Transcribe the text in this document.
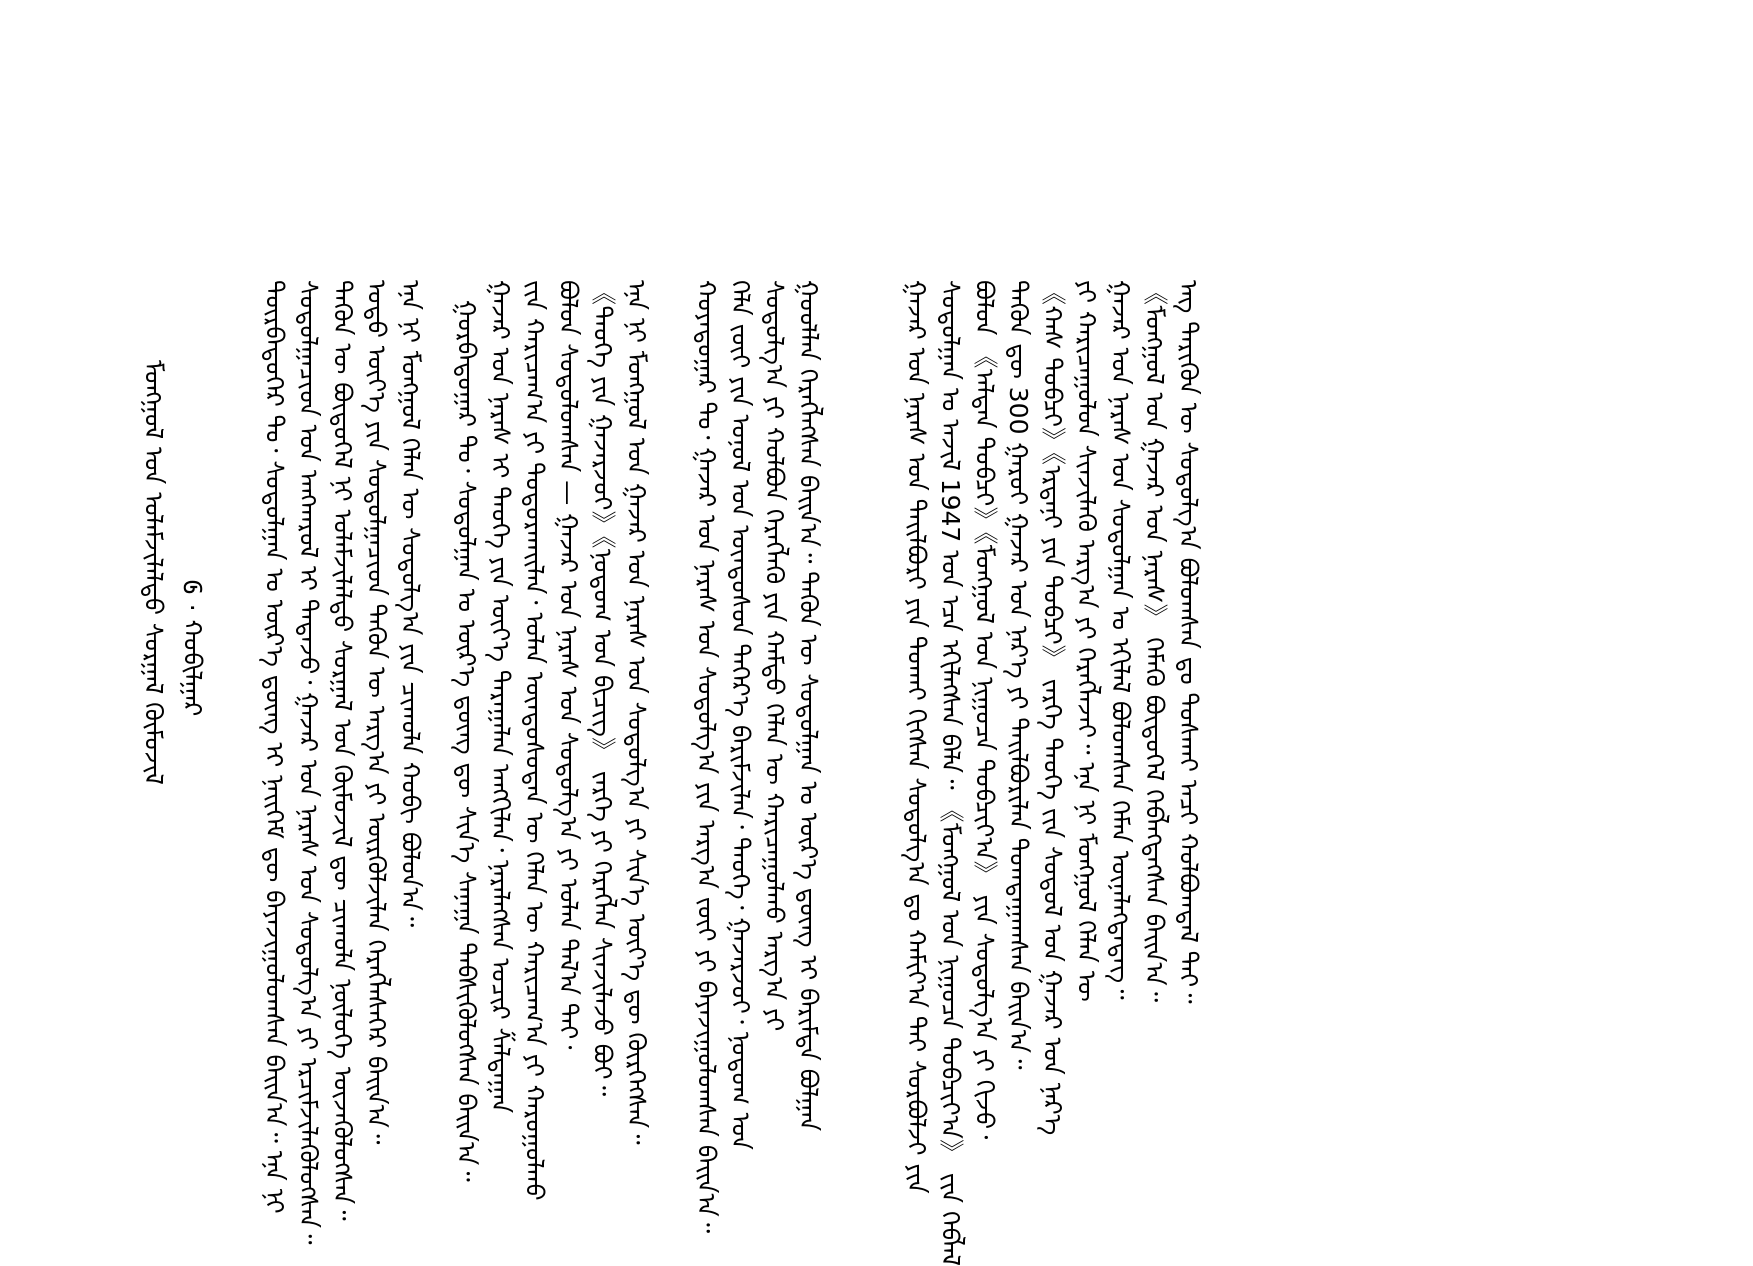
ᠮᠣᠩᠭᠣᠯ ᠤᠨ ᠤᠯᠠᠮᠵᠢᠯᠠᠯᠲᠤ ᠰᠤᠷᠭᠠᠯ ᠬᠦᠮᠦᠵᠢᠯ ᠖ · ᠬᠤᠪᠢᠯᠭᠠᠷ ᠳᠥᠷᠪᠡᠳᠦᠭᠡᠷ ᠲᠤ᠂ ᠰᠤᠳᠤᠯᠭᠠᠨ ᠤ ᠦᠷ᠎ᠡ ᠳ᠋ᠦᠩ ᠢ ᠨᠡᠢᠭᠡᠮ ᠳᠦ ᠪᠠᠶᠠᠵᠢᠭᠤᠯᠤᠭᠰᠠᠨ ᠪᠠᠢᠨ᠎ᠠ᠃ ᠡᠨᠡ ᠨᠢ ᠰᠤᠳᠤᠯᠭᠠᠴᠢᠳ ᠤᠨ ᠠᠩᠬᠠᠷᠤᠯ ᠢ ᠲᠠᠲᠠᠵᠤ᠂ ᠭᠠᠵᠠᠷ ᠤᠨ ᠨᠡᠷᠡᠰ ᠤᠨ ᠰᠤᠳᠤᠯᠭ᠎ᠠ ᠶᠢ ᠡᠷᠴᠢᠮᠵᠢᠯᠡᠭᠦᠯᠦᠭᠰᠡᠨ᠃ ᠲᠡᠭᠦᠨ ᠦ ᠪᠦᠲᠦᠭᠡᠯ ᠨᠢ ᠤᠯᠠᠮᠵᠢᠯᠠᠯᠲᠤ ᠰᠤᠷᠭᠠᠯ ᠤᠨ ᠬᠦᠮᠦᠵᠢᠯ ᠳᠦ ᠴᠢᠬᠤᠯᠠ ᠨᠥᠯᠦᠭᠡ ᠦᠵᠡᠭᠦᠯᠦᠭᠰᠡᠨ᠃ ᠣᠳᠣ ᠦᠶ᠎ᠡ ᠶᠢᠨ ᠰᠤᠳᠤᠯᠭᠠᠴᠢᠳ ᠲᠡᠭᠦᠨ ᠦ ᠠᠷᠭ᠎ᠠ ᠶᠢ ᠦᠷᠭᠦᠯᠵᠢᠯᠡᠨ ᠬᠡᠷᠡᠭᠯᠡᠰᠡᠭᠡᠷ ᠪᠠᠢᠨ᠎ᠠ᠃ ᠡᠨᠡ ᠨᠢ ᠮᠣᠩᠭᠣᠯ ᠬᠡᠯᠡᠨ ᠦ ᠰᠤᠳᠤᠯᠭ᠎ᠠ ᠶᠢᠨ ᠴᠢᠬᠤᠯᠠ ᠬᠤᠪᠢ ᠪᠣᠯᠤᠨ᠎ᠠ᠃ ᠭᠤᠷᠪᠠᠳᠤᠭᠠᠷ ᠲᠤ᠂ ᠰᠤᠳᠤᠯᠭᠠᠨ ᠤ ᠦᠷ᠎ᠡ ᠳ᠋ᠦᠩ ᠳᠦ ᠰᠢᠨ᠎ᠡ ᠰᠠᠨᠠᠭᠠ ᠳᠡᠪᠰᠢᠭᠦᠯᠦᠭᠰᠡᠨ ᠪᠠᠢᠨ᠎ᠠ᠃ ᠭᠠᠵᠠᠷ ᠤᠨ ᠨᠡᠷᠡᠰ ᠢ ᠲᠡᠦᠬᠡ ᠶᠢᠨ ᠦᠶ᠎ᠡ ᠳᠠᠷᠠᠭᠠᠯᠠᠨ ᠠᠩᠭᠢᠯᠠᠨ᠂ ᠨᠡᠷᠡᠯᠡᠭᠰᠡᠨ ᠤᠴᠢᠷ ᠱᠠᠯᠲᠠᠭᠠᠨ ᠵᠢᠨ ᠬᠠᠷᠢᠴᠠᠭ᠎ᠠ ᠶᠢ ᠲᠣᠳᠤᠷᠬᠠᠢᠯᠠᠨ᠂ ᠣᠯᠠᠨ ᠦᠨᠳᠦᠰᠦᠲᠡᠨ ᠦ ᠬᠡᠯᠡᠨ ᠦ ᠬᠠᠷᠢᠴᠠᠭ᠎ᠠ ᠶᠢ ᠬᠠᠷᠤᠭᠤᠯᠬᠤ ᠪᠣᠯᠤᠨ ᠰᠤᠳᠤᠯᠤᠭᠰᠠᠨ — ᠭᠠᠵᠠᠷ ᠤᠨ ᠨᠡᠷᠡᠰ ᠤᠨ ᠰᠤᠳᠤᠯᠭ᠎ᠠ ᠶᠢ ᠣᠯᠠᠨ ᠲᠠᠯ᠎ᠠ ᠲᠠᠢ᠂ 《ᠲᠡᠦᠬᠡ ᠶᠢᠨ ᠭᠠᠵᠠᠷᠵᠦᠢ》《ᠨᠤᠲᠤᠭ ᠤᠨ ᠪᠢᠴᠢᠭ》 ᠵᠡᠷᠭᠡ ᠶᠢ ᠬᠡᠷᠡᠭᠯᠡᠨ ᠰᠢᠨᠵᠢᠯᠡᠵᠦ ᠪᠣᠢ᠃ ᠡᠨᠡ ᠨᠢ ᠮᠣᠩᠭᠣᠯ ᠤᠨ ᠭᠠᠵᠠᠷ ᠤᠨ ᠨᠡᠷᠡᠰ ᠤᠨ ᠰᠤᠳᠤᠯᠭ᠎ᠠ ᠶᠢ ᠰᠢᠨ᠎ᠡ ᠦᠶ᠎ᠡ ᠳᠦ ᠬᠦᠷᠭᠡᠭᠰᠡᠨ᠃ ᠬᠣᠶᠠᠳᠤᠭᠠᠷ ᠲᠤ᠂ ᠭᠠᠵᠠᠷ ᠤᠨ ᠨᠡᠷᠡᠰ ᠤᠨ ᠰᠤᠳᠤᠯᠭ᠎ᠠ ᠶᠢᠨ ᠠᠷᠭ᠎ᠠ ᠵᠦᠢ ᠶᠢ ᠪᠠᠶᠠᠵᠢᠭᠤᠯᠤᠭᠰᠠᠨ ᠪᠠᠢᠨ᠎ᠠ᠃ ᠬᠡᠯᠡ ᠵᠦᠢ ᠶᠢᠨ ᠣᠨᠣᠯ ᠤᠨ ᠦᠨᠳᠦᠰᠦᠨ ᠳᠡᠭᠡᠷ᠎ᠡ ᠪᠠᠷᠢᠮᠵᠢᠯᠠᠨ᠂ ᠲᠡᠦᠬᠡ᠂ ᠭᠠᠵᠠᠷᠵᠦᠢ᠂ ᠨᠤᠲᠤᠭ ᠤᠨ ᠰᠤᠳᠤᠯᠭ᠎ᠠ ᠶᠢ ᠬᠣᠯᠪᠣᠨ ᠬᠡᠷᠡᠭᠯᠡᠬᠦ ᠶᠢᠨ ᠬᠠᠮᠲᠤ ᠬᠡᠯᠡᠨ ᠦ ᠬᠠᠷᠢᠴᠠᠭᠤᠯᠬᠤ ᠠᠷᠭ᠎ᠠ ᠶᠢ ᠭᠣᠣᠯᠯᠠᠨ ᠬᠡᠷᠡᠭᠯᠡᠭᠰᠡᠨ ᠪᠠᠢᠨ᠎ᠠ᠃ ᠲᠡᠭᠦᠨ ᠦ ᠰᠤᠳᠤᠯᠭᠠᠨ ᠤ ᠦᠷ᠎ᠡ ᠳ᠋ᠦᠩ ᠢ ᠪᠠᠷᠢᠮᠲᠠ ᠪᠣᠯᠭᠠᠨ	ᠭᠠᠵᠠᠷ ᠤᠨ ᠨᠡᠷᠡᠰ ᠤᠨ ᠲᠠᠢᠯᠪᠤᠷᠢ ᠶᠢᠨ ᠲᠤᠬᠠᠢ ᠬᠢᠭᠰᠡᠨ ᠰᠤᠳᠤᠯᠭ᠎ᠠ ᠳᠤ ᠬᠠᠮᠢᠶ᠎ᠠ ᠲᠠᠢ ᠰᠤᠷᠪᠤᠯᠵᠢ ᠶᠢᠨ ᠰᠤᠳᠤᠯᠭᠠᠨ ᠤ ᠠᠵᠢᠯ 1947 ᠣᠨ ᠡᠴᠡ ᠡᠬᠢᠯᠡᠭᠰᠡᠨ ᠪᠡᠯᠡ᠃ 《ᠮᠣᠩᠭᠣᠯ ᠤᠨ ᠨᠢᠭᠤᠴᠠ ᠲᠣᠪᠴᠢᠶ᠎ᠠ》 ᠵᠢᠨ ᠬᠡᠪᠯᠡᠯ ᠪᠣᠯᠤᠨ 《ᠠᠯᠲᠠᠨ ᠲᠣᠪᠴᠢ》《ᠮᠣᠩᠭᠣᠯ ᠤᠨ ᠨᠢᠭᠤᠴᠠ ᠲᠣᠪᠴᠢᠶ᠎ᠠ》 ᠶᠢᠨ ᠰᠤᠳᠤᠯᠭ᠎ᠠ ᠶᠢ ᠬᠢᠵᠦ᠂ ᠲᠡᠭᠦᠨ ᠳᠦ 300 ᠭᠠᠷᠤᠢ ᠭᠠᠵᠠᠷ ᠤᠨ ᠨᠡᠷ᠎ᠡ ᠶᠢ ᠲᠠᠢᠯᠪᠤᠷᠢᠯᠠᠨ ᠲᠣᠭᠲᠠᠭᠠᠭᠰᠠᠨ ᠪᠠᠢᠨ᠎ᠠ᠃ 《ᠬᠠᠰ ᠲᠣᠪᠴᠢ》《ᠡᠷᠳᠡᠨᠢ ᠶᠢᠨ ᠲᠣᠪᠴᠢ》 ᠵᠡᠷᠭᠡ ᠲᠡᠦᠬᠡ ᠵᠢᠨ ᠰᠤᠳᠤᠯ ᠤᠨ ᠭᠠᠵᠠᠷ ᠤᠨ ᠨᠡᠷ᠎ᠡ ᠶᠢ ᠬᠠᠷᠢᠴᠠᠭᠤᠯᠤᠨ ᠰᠢᠨᠵᠢᠯᠡᠬᠦ ᠠᠷᠭ᠎ᠠ ᠶᠢ ᠬᠡᠷᠡᠭᠯᠡᠵᠡᠢ᠃ ᠡᠨᠡ ᠨᠢ ᠮᠣᠩᠭᠣᠯ ᠬᠡᠯᠡᠨ ᠦ ᠭᠠᠵᠠᠷ ᠤᠨ ᠨᠡᠷᠡᠰ ᠤᠨ ᠰᠤᠳᠤᠯᠭᠠᠨ ᠤ ᠡᠬᠢᠯᠡᠯ ᠪᠣᠯᠤᠭᠰᠠᠨ ᠬᠡᠮᠡᠨ ᠦᠨᠡᠯᠡᠭᠳᠡᠳᠡᠭ᠃ 《ᠮᠣᠩᠭᠣᠯ ᠤᠨ ᠭᠠᠵᠠᠷ ᠤᠨ ᠨᠡᠷᠡᠰ》 ᠬᠡᠮᠡᠬᠦ ᠪᠦᠲᠦᠭᠡᠯ ᠬᠡᠪᠯᠡᠭᠳᠡᠭᠰᠡᠨ ᠪᠠᠢᠨ᠎ᠠ᠃ ᠡᠩ ᠲᠡᠷᠢᠭᠦᠨ ᠦ ᠰᠤᠳᠤᠯᠭ᠎ᠠ ᠪᠣᠯᠤᠭᠰᠠᠨ ᠳᠤ ᠲᠤᠰᠬᠠᠢ ᠠᠴᠢ ᠬᠣᠯᠪᠣᠭᠳᠠᠯ ᠲᠠᠢ᠃
